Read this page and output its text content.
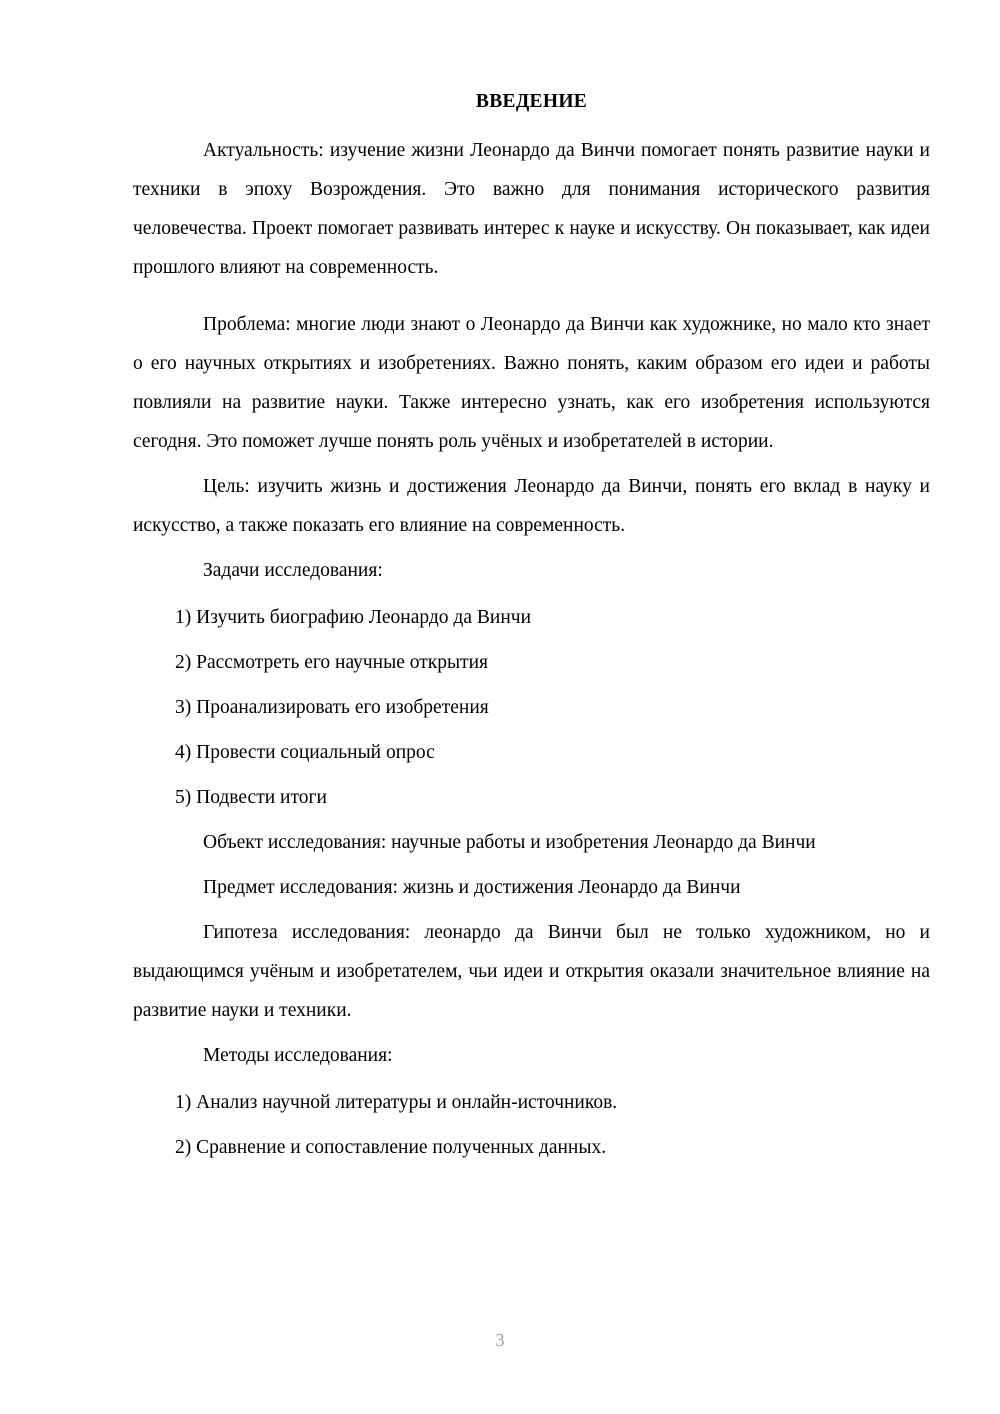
ВВЕДЕНИЕ

Актуальность: изучение жизни Леонардо да Винчи помогает понять развитие науки и техники в эпоху Возрождения. Это важно для понимания исторического развития человечества. Проект помогает развивать интерес к науке и искусству. Он показывает, как идеи прошлого влияют на современность.

Проблема: многие люди знают о Леонардо да Винчи как художнике, но мало кто знает о его научных открытиях и изобретениях. Важно понять, каким образом его идеи и работы повлияли на развитие науки. Также интересно узнать, как его изобретения используются сегодня. Это поможет лучше понять роль учёных и изобретателей в истории.

Цель: изучить жизнь и достижения Леонардо да Винчи, понять его вклад в науку и искусство, а также показать его влияние на современность.

Задачи исследования:

1) Изучить биографию Леонардо да Винчи

2) Рассмотреть его научные открытия

3) Проанализировать его изобретения

4) Провести социальный опрос

5) Подвести итоги

Объект исследования: научные работы и изобретения Леонардо да Винчи

Предмет исследования: жизнь и достижения Леонардо да Винчи

Гипотеза исследования: леонардо да Винчи был не только художником, но и выдающимся учёным и изобретателем, чьи идеи и открытия оказали значительное влияние на развитие науки и техники.

Методы исследования:

1) Анализ научной литературы и онлайн-источников.

2) Сравнение и сопоставление полученных данных.

3
